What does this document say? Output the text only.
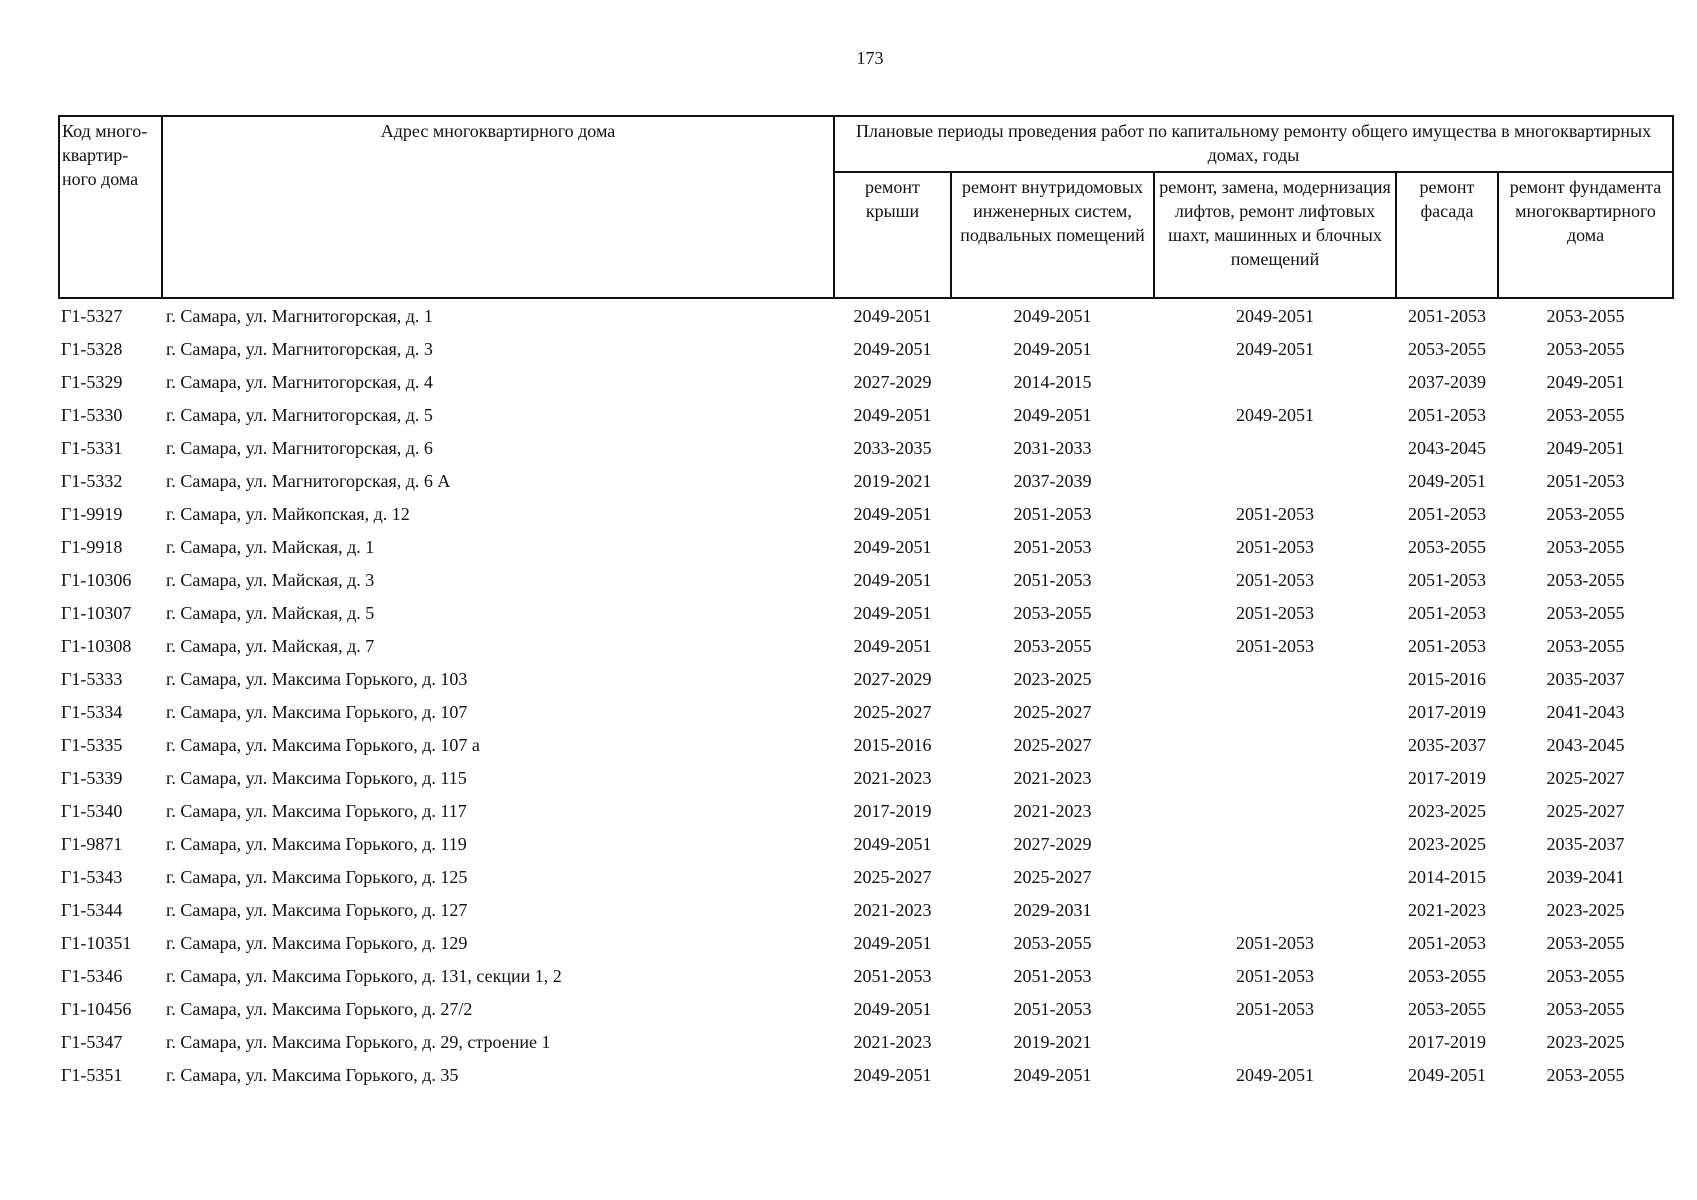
173
Код много-квартир-ного дома	Адрес многоквартирного дома	Плановые периоды проведения работ по капитальному ремонту общего имущества в многоквартирных домах, годы				

		ремонт крыши	ремонт внутридомовых инженерных систем, подвальных помещений	ремонт, замена, модернизация лифтов, ремонт лифтовых шахт, машинных и блочных помещений	ремонт фасада	ремонт фундамента многоквартирного дома
Г1-5327	г. Самара, ул. Магнитогорская, д. 1	2049-2051	2049-2051	2049-2051	2051-2053	2053-2055
Г1-5328	г. Самара, ул. Магнитогорская, д. 3	2049-2051	2049-2051	2049-2051	2053-2055	2053-2055
Г1-5329	г. Самара, ул. Магнитогорская, д. 4	2027-2029	2014-2015		2037-2039	2049-2051
Г1-5330	г. Самара, ул. Магнитогорская, д. 5	2049-2051	2049-2051	2049-2051	2051-2053	2053-2055
Г1-5331	г. Самара, ул. Магнитогорская, д. 6	2033-2035	2031-2033		2043-2045	2049-2051
Г1-5332	г. Самара, ул. Магнитогорская, д. 6 А	2019-2021	2037-2039		2049-2051	2051-2053
Г1-9919	г. Самара, ул. Майкопская, д. 12	2049-2051	2051-2053	2051-2053	2051-2053	2053-2055
Г1-9918	г. Самара, ул. Майская, д. 1	2049-2051	2051-2053	2051-2053	2053-2055	2053-2055
Г1-10306	г. Самара, ул. Майская, д. 3	2049-2051	2051-2053	2051-2053	2051-2053	2053-2055
Г1-10307	г. Самара, ул. Майская, д. 5	2049-2051	2053-2055	2051-2053	2051-2053	2053-2055
Г1-10308	г. Самара, ул. Майская, д. 7	2049-2051	2053-2055	2051-2053	2051-2053	2053-2055
Г1-5333	г. Самара, ул. Максима Горького, д. 103	2027-2029	2023-2025		2015-2016	2035-2037
Г1-5334	г. Самара, ул. Максима Горького, д. 107	2025-2027	2025-2027		2017-2019	2041-2043
Г1-5335	г. Самара, ул. Максима Горького, д. 107 а	2015-2016	2025-2027		2035-2037	2043-2045
Г1-5339	г. Самара, ул. Максима Горького, д. 115	2021-2023	2021-2023		2017-2019	2025-2027
Г1-5340	г. Самара, ул. Максима Горького, д. 117	2017-2019	2021-2023		2023-2025	2025-2027
Г1-9871	г. Самара, ул. Максима Горького, д. 119	2049-2051	2027-2029		2023-2025	2035-2037
Г1-5343	г. Самара, ул. Максима Горького, д. 125	2025-2027	2025-2027		2014-2015	2039-2041
Г1-5344	г. Самара, ул. Максима Горького, д. 127	2021-2023	2029-2031		2021-2023	2023-2025
Г1-10351	г. Самара, ул. Максима Горького, д. 129	2049-2051	2053-2055	2051-2053	2051-2053	2053-2055
Г1-5346	г. Самара, ул. Максима Горького, д. 131, секции 1, 2	2051-2053	2051-2053	2051-2053	2053-2055	2053-2055
Г1-10456	г. Самара, ул. Максима Горького, д. 27/2	2049-2051	2051-2053	2051-2053	2053-2055	2053-2055
Г1-5347	г. Самара, ул. Максима Горького, д. 29, строение 1	2021-2023	2019-2021		2017-2019	2023-2025
Г1-5351	г. Самара, ул. Максима Горького, д. 35	2049-2051	2049-2051	2049-2051	2049-2051	2053-2055
